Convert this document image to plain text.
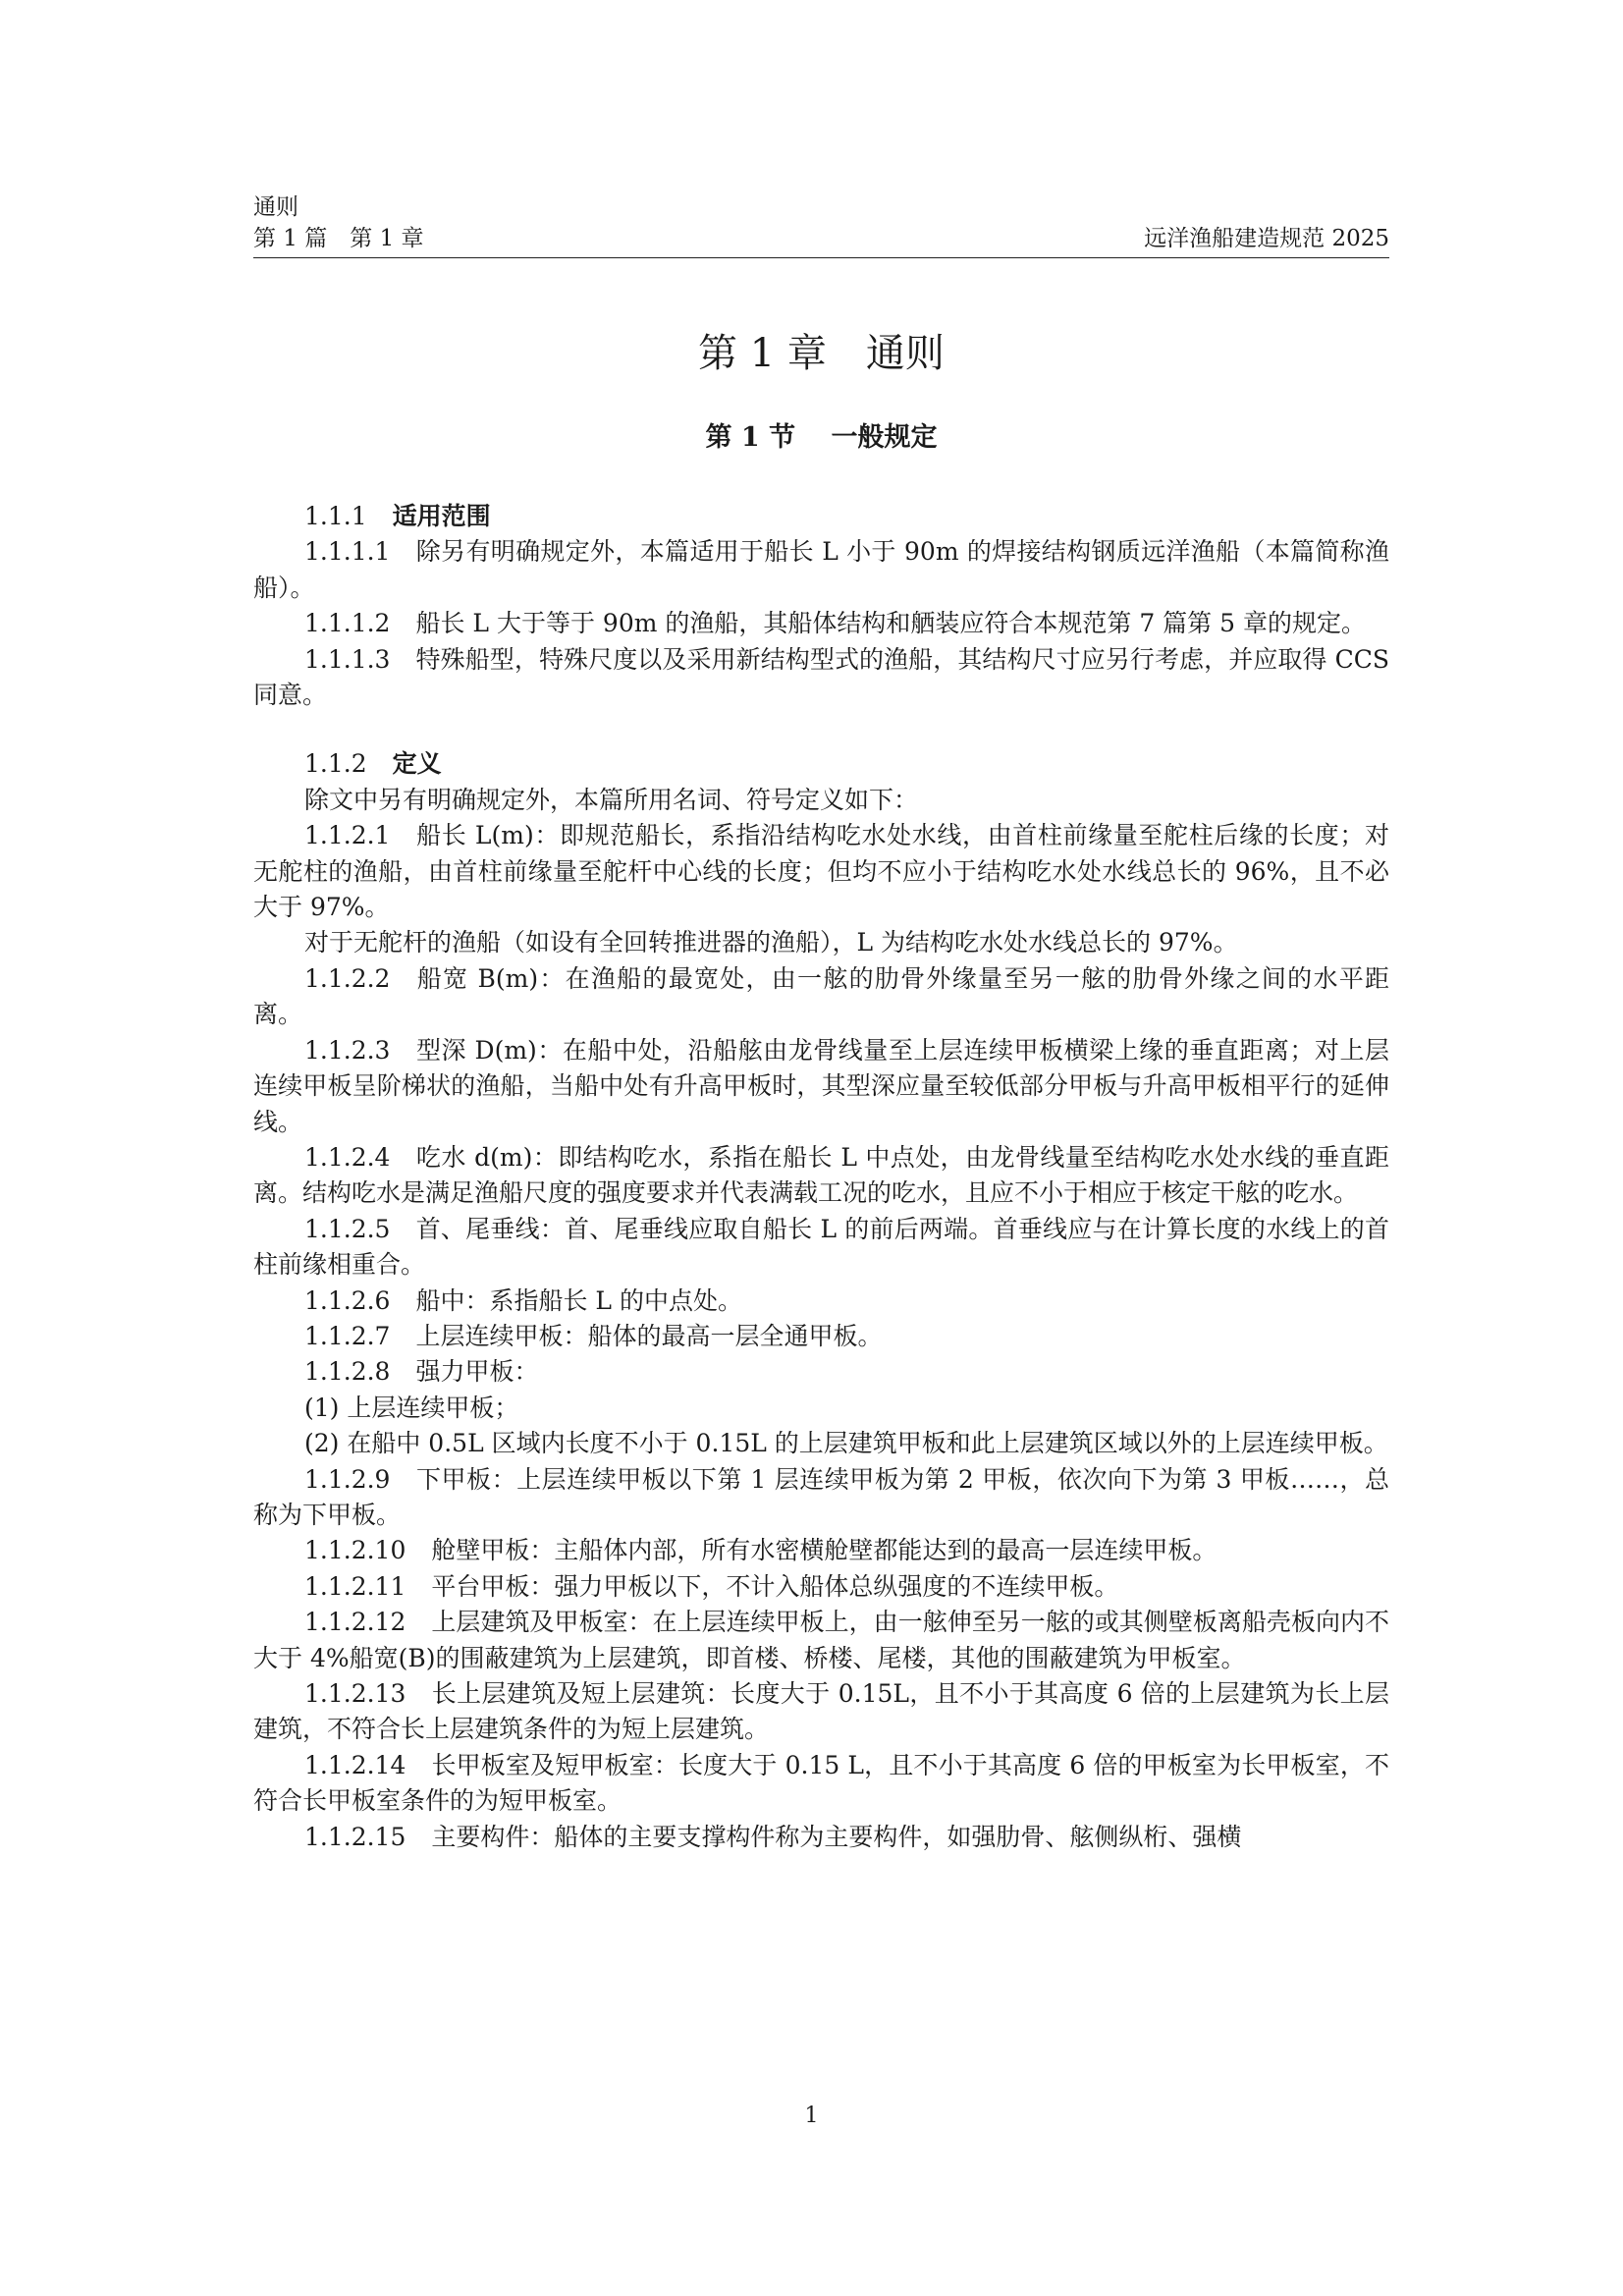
通则
第 1 篇　第 1 章	远洋渔船建造规范 2025
第 1 章　通则
第 1 节　 一般规定

1.1.1 适用范围

1.1.1.1 除另有明确规定外，本篇适用于船长 L 小于 90m 的焊接结构钢质远洋渔船（本篇简称渔船）。

1.1.1.2 船长 L 大于等于 90m 的渔船，其船体结构和舾装应符合本规范第 7 篇第 5 章的规定。

1.1.1.3 特殊船型，特殊尺度以及采用新结构型式的渔船，其结构尺寸应另行考虑，并应取得 CCS 同意。

1.1.2 定义

除文中另有明确规定外，本篇所用名词、符号定义如下：

1.1.2.1 船长 L(m)：即规范船长，系指沿结构吃水处水线，由首柱前缘量至舵柱后缘的长度；对无舵柱的渔船，由首柱前缘量至舵杆中心线的长度；但均不应小于结构吃水处水线总长的 96%，且不必大于 97%。

对于无舵杆的渔船（如设有全回转推进器的渔船），L 为结构吃水处水线总长的 97%。

1.1.2.2 船宽 B(m)：在渔船的最宽处，由一舷的肋骨外缘量至另一舷的肋骨外缘之间的水平距离。

1.1.2.3 型深 D(m)：在船中处，沿船舷由龙骨线量至上层连续甲板横梁上缘的垂直距离；对上层连续甲板呈阶梯状的渔船，当船中处有升高甲板时，其型深应量至较低部分甲板与升高甲板相平行的延伸线。

1.1.2.4 吃水 d(m)：即结构吃水，系指在船长 L 中点处，由龙骨线量至结构吃水处水线的垂直距离。结构吃水是满足渔船尺度的强度要求并代表满载工况的吃水，且应不小于相应于核定干舷的吃水。

1.1.2.5 首、尾垂线：首、尾垂线应取自船长 L 的前后两端。首垂线应与在计算长度的水线上的首柱前缘相重合。

1.1.2.6 船中：系指船长 L 的中点处。

1.1.2.7 上层连续甲板：船体的最高一层全通甲板。

1.1.2.8 强力甲板：

(1) 上层连续甲板；

(2) 在船中 0.5L 区域内长度不小于 0.15L 的上层建筑甲板和此上层建筑区域以外的上层连续甲板。

1.1.2.9 下甲板：上层连续甲板以下第 1 层连续甲板为第 2 甲板，依次向下为第 3 甲板……，总称为下甲板。

1.1.2.10 舱壁甲板：主船体内部，所有水密横舱壁都能达到的最高一层连续甲板。

1.1.2.11 平台甲板：强力甲板以下，不计入船体总纵强度的不连续甲板。

1.1.2.12 上层建筑及甲板室：在上层连续甲板上，由一舷伸至另一舷的或其侧壁板离船壳板向内不大于 4%船宽(B)的围蔽建筑为上层建筑，即首楼、桥楼、尾楼，其他的围蔽建筑为甲板室。

1.1.2.13 长上层建筑及短上层建筑：长度大于 0.15L，且不小于其高度 6 倍的上层建筑为长上层建筑，不符合长上层建筑条件的为短上层建筑。

1.1.2.14 长甲板室及短甲板室：长度大于 0.15 L，且不小于其高度 6 倍的甲板室为长甲板室，不符合长甲板室条件的为短甲板室。

1.1.2.15 主要构件：船体的主要支撑构件称为主要构件，如强肋骨、舷侧纵桁、强横

1
